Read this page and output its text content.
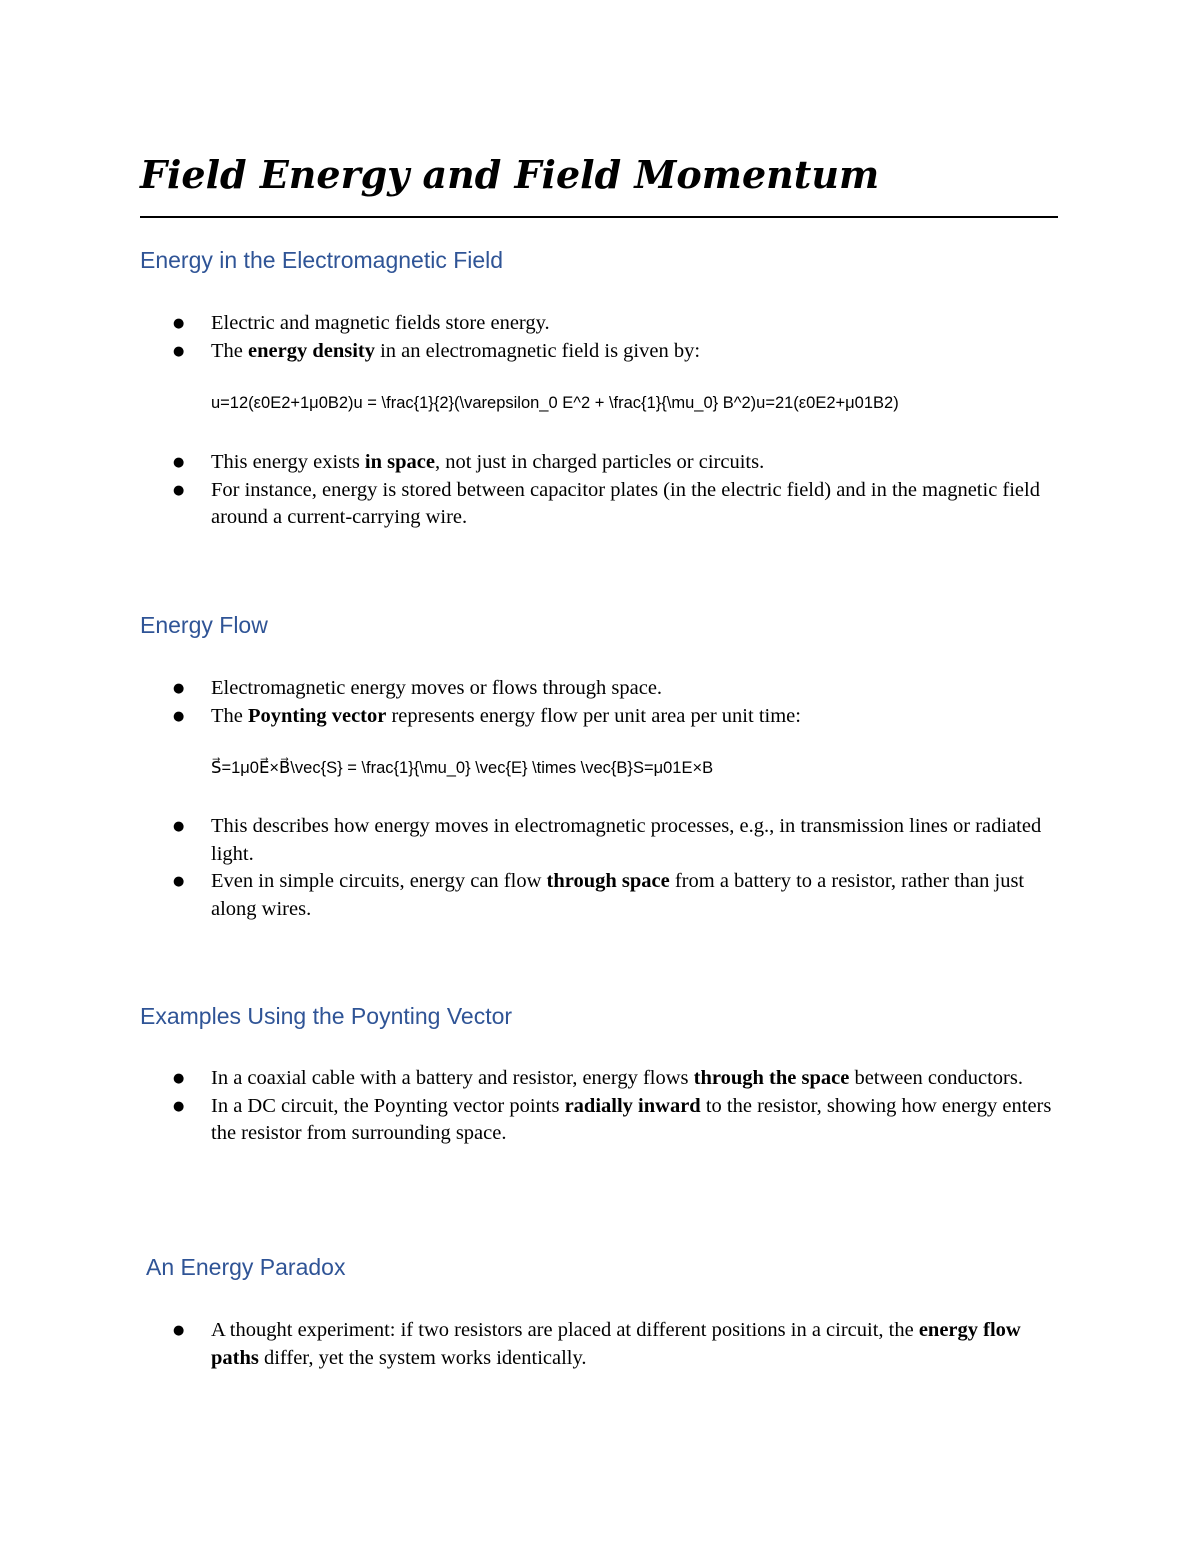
Field Energy and Field Momentum
Energy in the Electromagnetic Field
● Electric and magnetic fields store energy.
● The energy density in an electromagnetic field is given by:

u=12(ε0E2+1μ0B2)u = \frac{1}{2}(\varepsilon_0 E^2 + \frac{1}{\mu_0} B^2)u=21(ε0E2+μ01B2)

● This energy exists in space, not just in charged particles or circuits.
● For instance, energy is stored between capacitor plates (in the electric field) and in the magnetic field around a current-carrying wire.
Energy Flow
● Electromagnetic energy moves or flows through space.
● The Poynting vector represents energy flow per unit area per unit time:

S⃗=1μ0E⃗×B⃗\vec{S} = \frac{1}{\mu_0} \vec{E} \times \vec{B}S=μ01E×B

● This describes how energy moves in electromagnetic processes, e.g., in transmission lines or radiated light.
● Even in simple circuits, energy can flow through space from a battery to a resistor, rather than just along wires.
Examples Using the Poynting Vector
● In a coaxial cable with a battery and resistor, energy flows through the space between conductors.
● In a DC circuit, the Poynting vector points radially inward to the resistor, showing how energy enters the resistor from surrounding space.
An Energy Paradox
● A thought experiment: if two resistors are placed at different positions in a circuit, the energy flow paths differ, yet the system works identically.
